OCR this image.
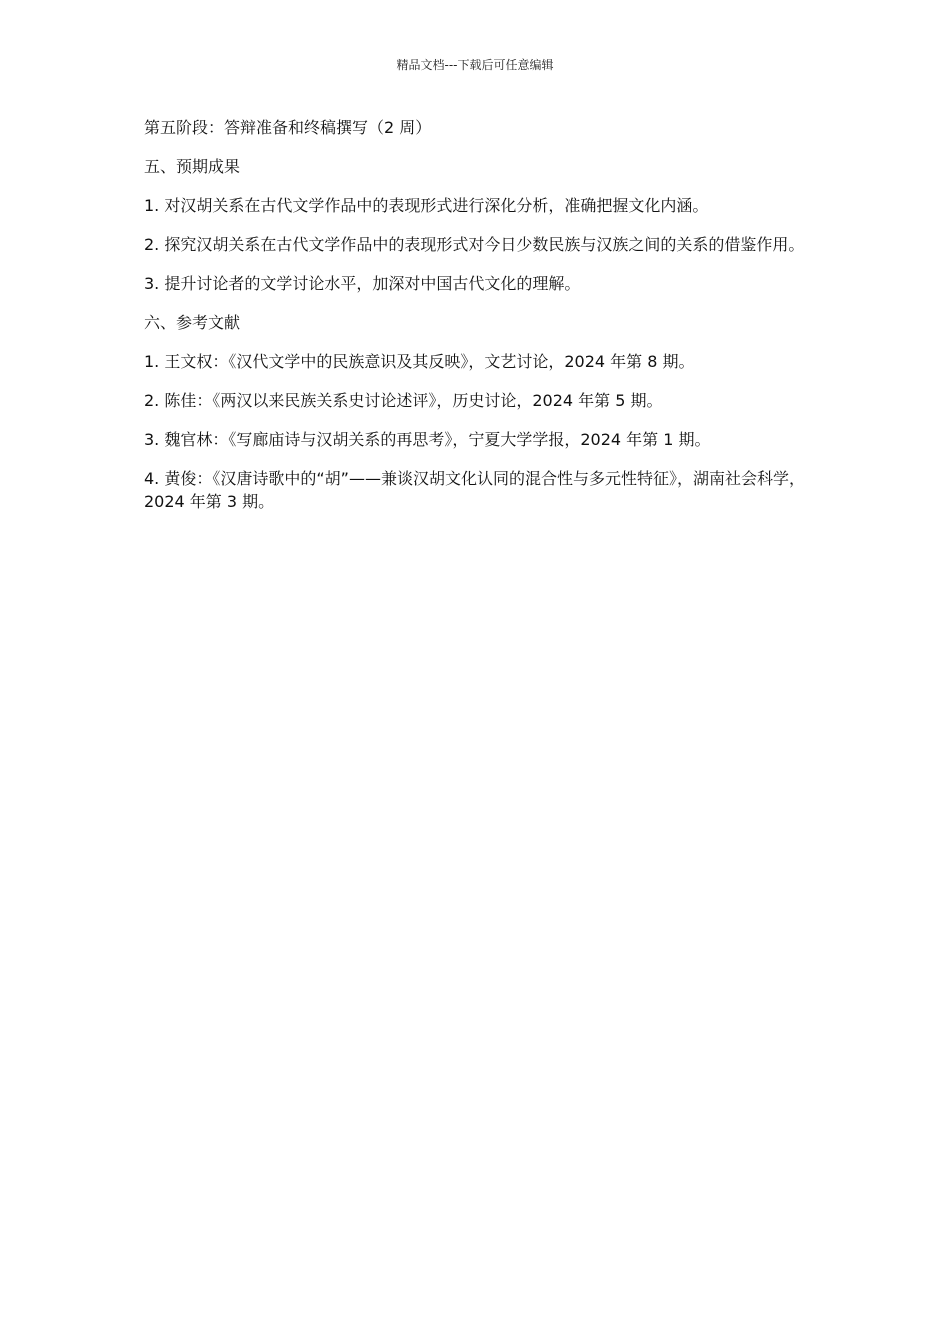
精品文档---下载后可任意编辑

第五阶段：答辩准备和终稿撰写（2 周）

五、预期成果

1. 对汉胡关系在古代文学作品中的表现形式进行深化分析，准确把握文化内涵。

2. 探究汉胡关系在古代文学作品中的表现形式对今日少数民族与汉族之间的关系的借鉴作用。

3. 提升讨论者的文学讨论水平，加深对中国古代文化的理解。

六、参考文献

1. 王文权：《汉代文学中的民族意识及其反映》，文艺讨论，2024 年第 8 期。

2. 陈佳：《两汉以来民族关系史讨论述评》，历史讨论，2024 年第 5 期。

3. 魏官林：《写廊庙诗与汉胡关系的再思考》，宁夏大学学报，2024 年第 1 期。

4. 黄俊：《汉唐诗歌中的“胡”——兼谈汉胡文化认同的混合性与多元性特征》，湖南社会科学，2024 年第 3 期。
